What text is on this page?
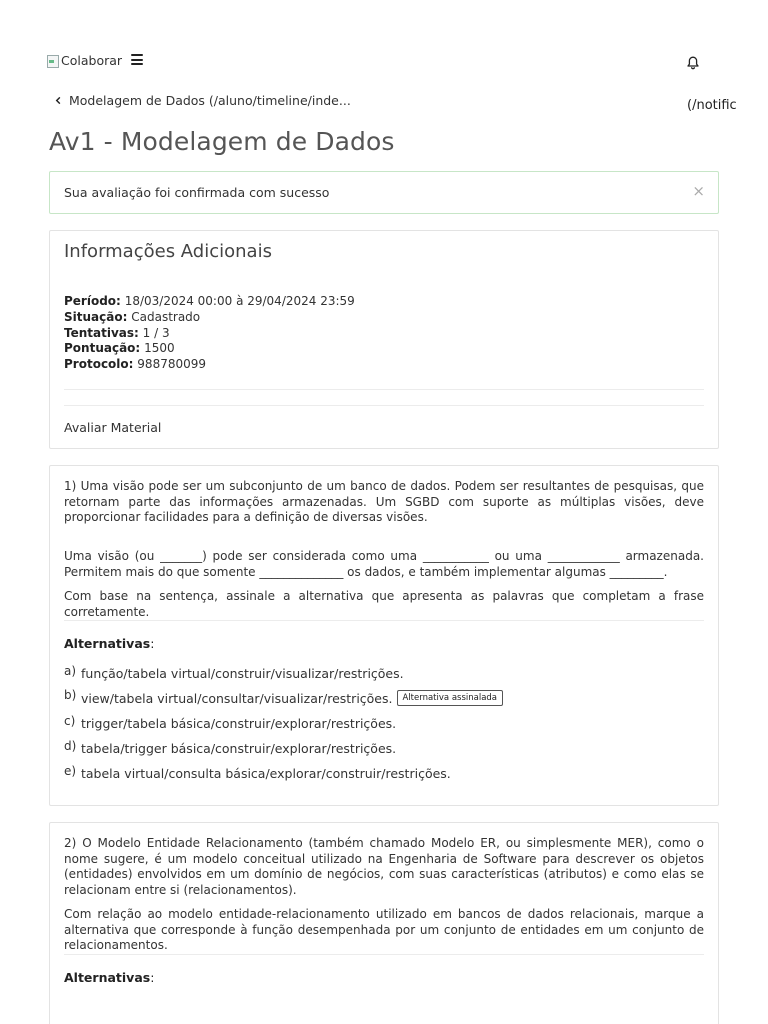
Colaborar
Modelagem de Dados (/aluno/timeline/inde...	(/notific
Av1 - Modelagem de Dados
Sua avaliação foi confirmada com sucesso	×
Informações Adicionais
Período: 18/03/2024 00:00 à 29/04/2024 23:59
Situação: Cadastrado
Tentativas: 1 / 3
Pontuação: 1500
Protocolo: 988780099
Avaliar Material

1) Uma visão pode ser um subconjunto de um banco de dados. Podem ser resultantes de pesquisas, que retornam parte das informações armazenadas. Um SGBD com suporte as múltiplas visões, deve proporcionar facilidades para a definição de diversas visões.

Uma visão (ou _______) pode ser considerada como uma ___________ ou uma ____________ armazenada. Permitem mais do que somente ______________ os dados, e também implementar algumas _________.

Com base na sentença, assinale a alternativa que apresenta as palavras que completam a frase corretamente.

Alternativas:
a) função/tabela virtual/construir/visualizar/restrições.
b) view/tabela virtual/consultar/visualizar/restrições.	Alternativa assinalada
c) trigger/tabela básica/construir/explorar/restrições.
d) tabela/trigger básica/construir/explorar/restrições.
e) tabela virtual/consulta básica/explorar/construir/restrições.

2) O Modelo Entidade Relacionamento (também chamado Modelo ER, ou simplesmente MER), como o nome sugere, é um modelo conceitual utilizado na Engenharia de Software para descrever os objetos (entidades) envolvidos em um domínio de negócios, com suas características (atributos) e como elas se relacionam entre si (relacionamentos).

Com relação ao modelo entidade-relacionamento utilizado em bancos de dados relacionais, marque a alternativa que corresponde à função desempenhada por um conjunto de entidades em um conjunto de relacionamentos.

Alternativas:
